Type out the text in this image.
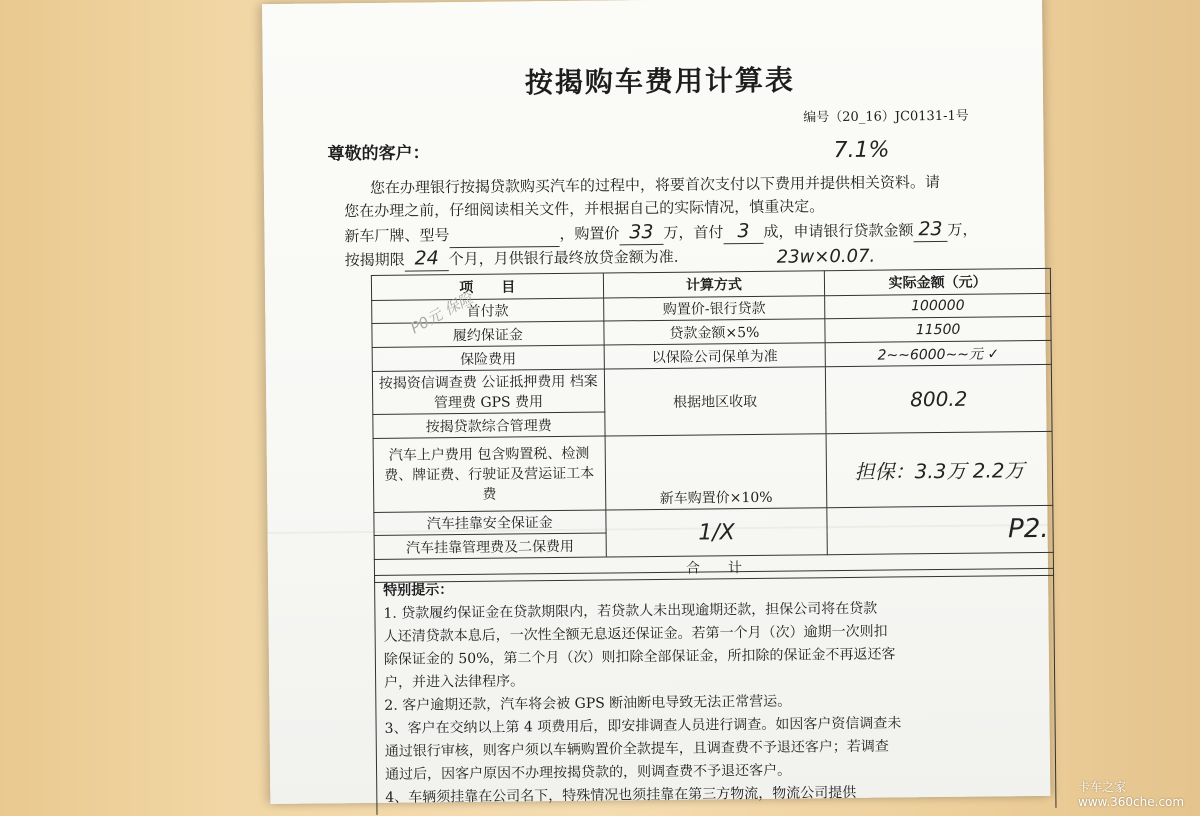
按揭购车费用计算表
编号（20_16）JC0131-1号
7.1%
尊敬的客户：
您在办理银行按揭贷款购买汽车的过程中，将要首次支付以下费用并提供相关资料。请
您在办理之前，仔细阅读相关文件，并根据自己的实际情况，慎重决定。
新车厂牌、型号	，购置价 33 万，首付 3 成，申请银行贷款金额 23 万，
按揭期限 24 个月，月供银行最终放贷金额为准.	23w×0.07.
项　　目	计算方式	实际金额（元）
首付款	购置价-银行贷款	100000
履约保证金	贷款金额×5%	11500
保险费用	以保险公司保单为准	2~~6000~~元 ✓
按揭资信调查费 公证抵押费用 档案管理费 GPS 费用	根据地区收取	800.2
按揭贷款综合管理费		
汽车上户费用 包含购置税、检测费、牌证费、行驶证及营运证工本费	新车购置价×10%	担保：3.3万 2.2万
汽车挂靠安全保证金	1/X	P2.
汽车挂靠管理费及二保费用		
合　　计		
P0元 保险
特别提示：
1. 贷款履约保证金在贷款期限内，若贷款人未出现逾期还款，担保公司将在贷款
人还清贷款本息后，一次性全额无息返还保证金。若第一个月（次）逾期一次则扣
除保证金的 50%，第二个月（次）则扣除全部保证金，所扣除的保证金不再返还客
户，并进入法律程序。
2. 客户逾期还款，汽车将会被 GPS 断油断电导致无法正常营运。
3、客户在交纳以上第 4 项费用后，即安排调查人员进行调查。如因客户资信调查未
通过银行审核，则客户须以车辆购置价全款提车，且调查费不予退还客户；若调查
通过后，因客户原因不办理按揭贷款的，则调查费不予退还客户。
4、车辆须挂靠在公司名下，特殊情况也须挂靠在第三方物流，物流公司提供	卡车之家 www.360che.com
